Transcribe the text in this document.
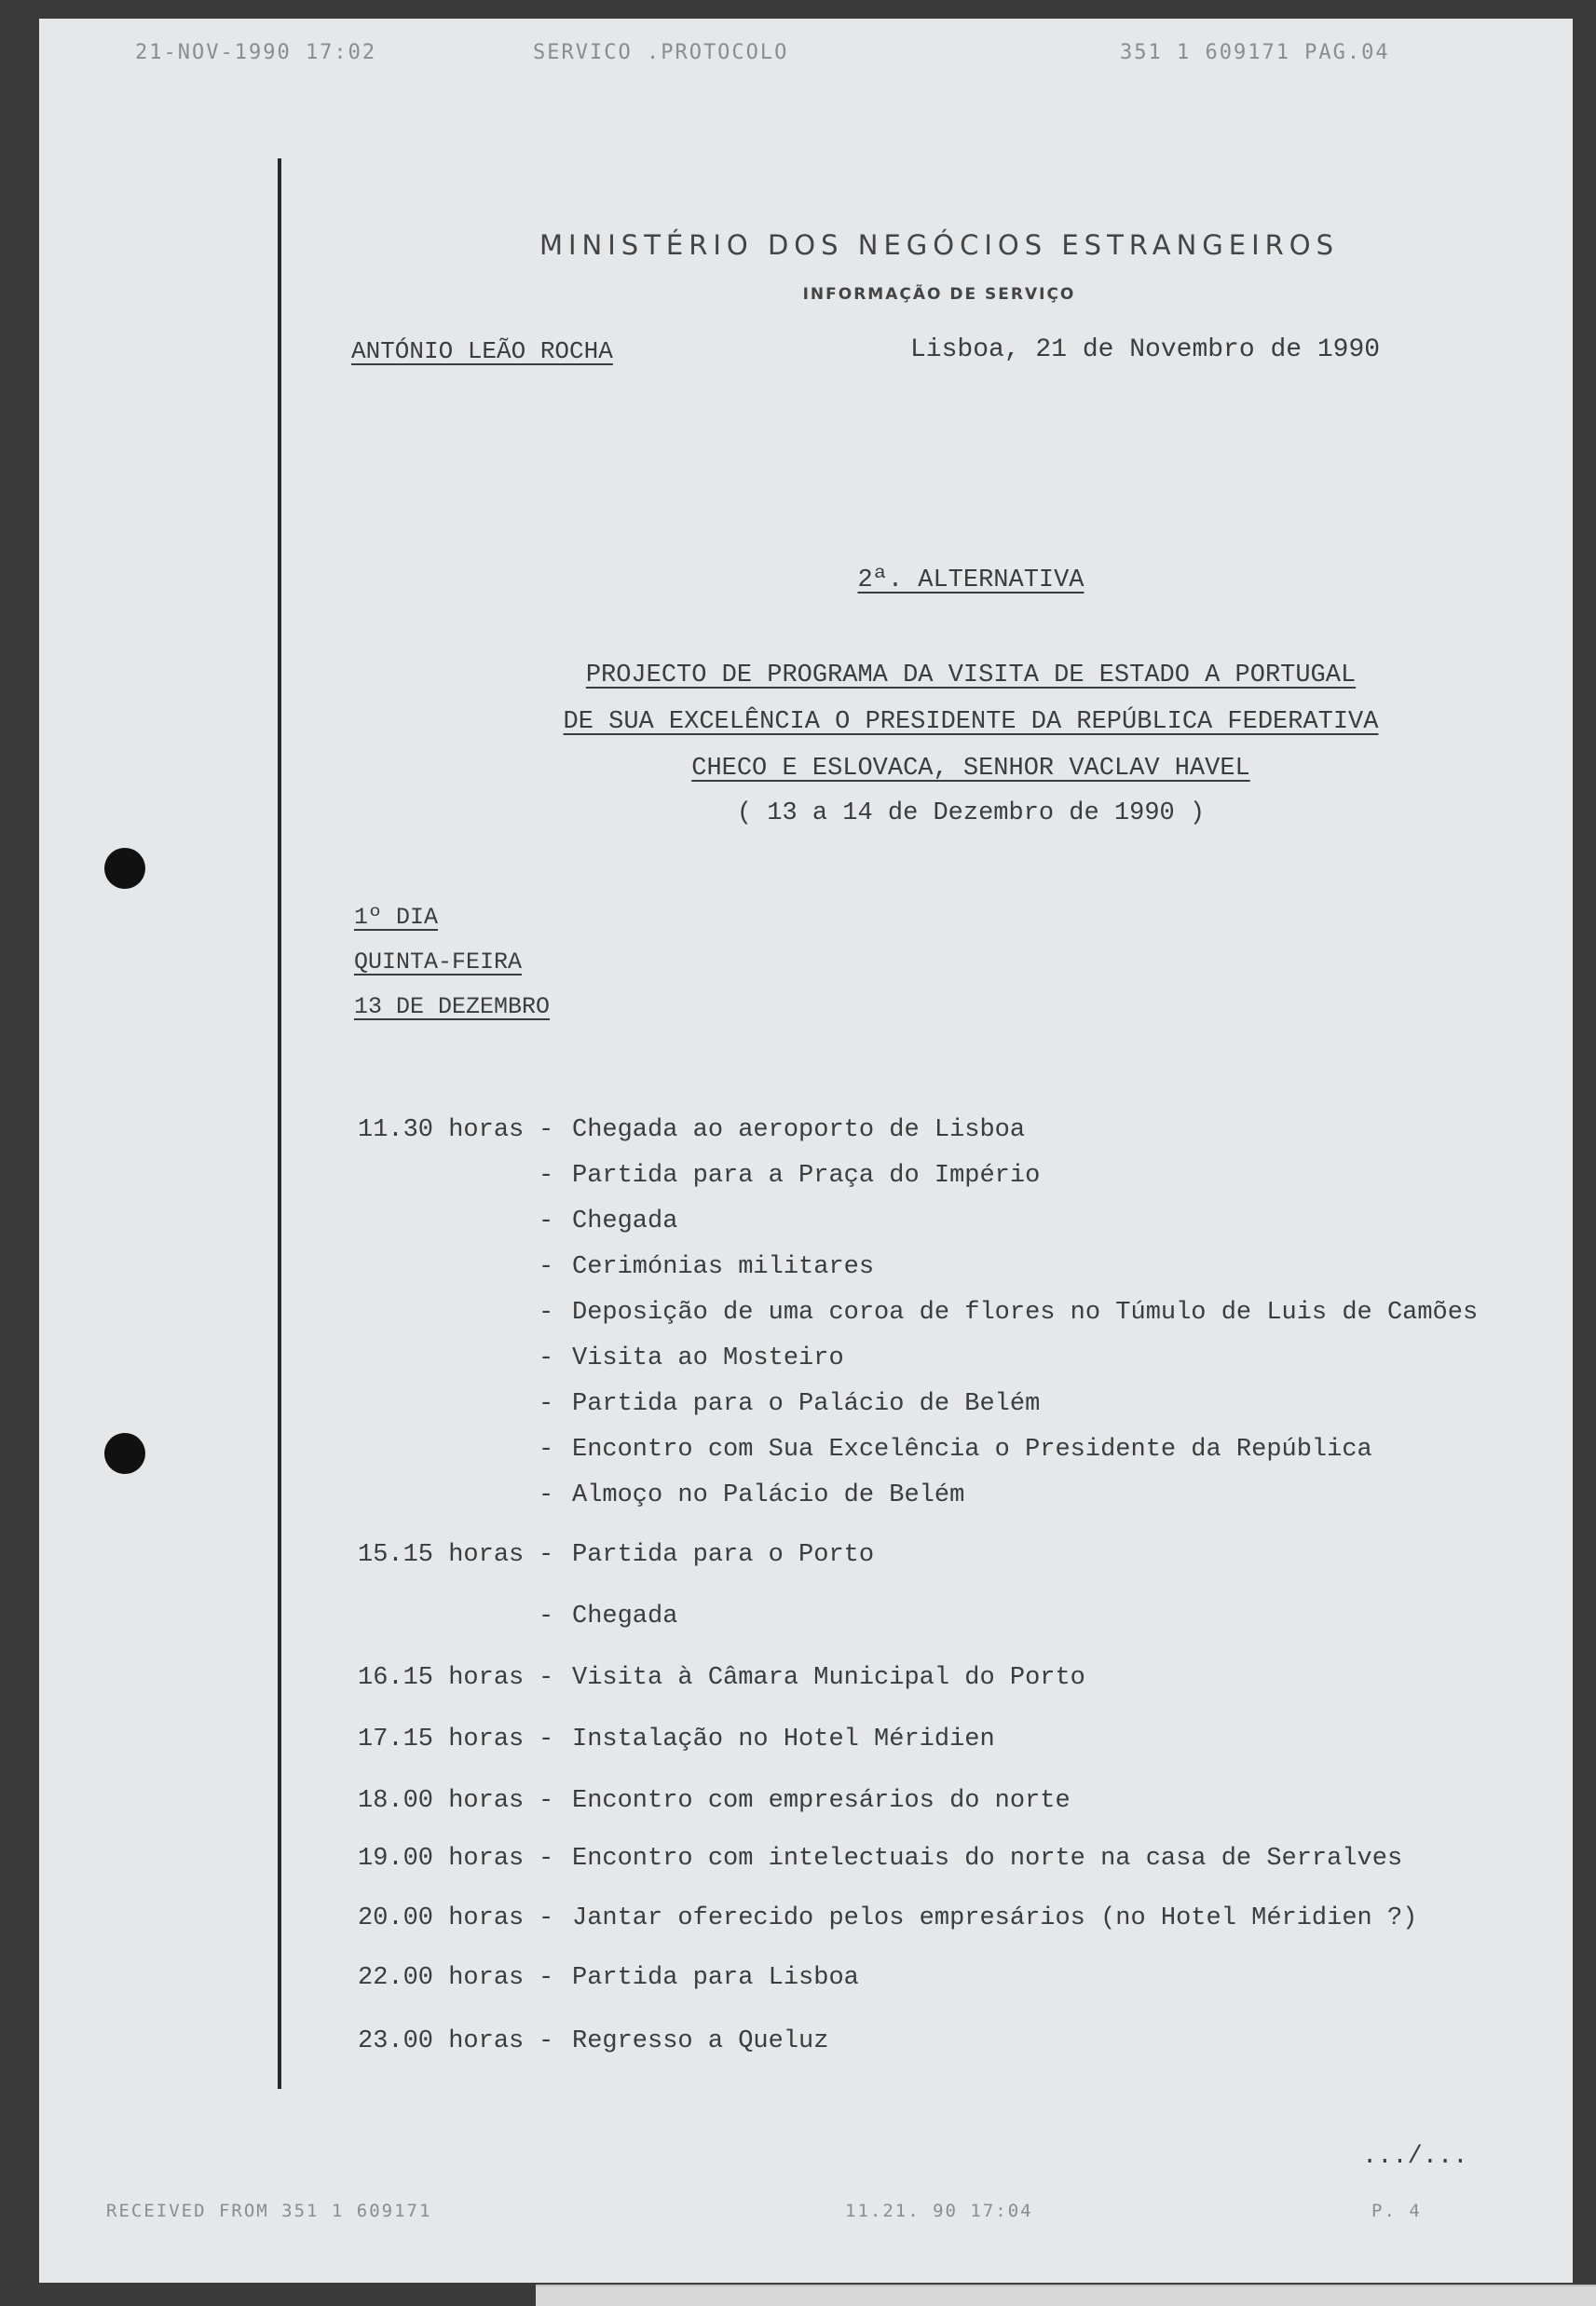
21-NOV-1990 17:02	SERVICO .PROTOCOLO	351 1 609171 PAG.04
MINISTÉRIO DOS NEGÓCIOS ESTRANGEIROS
INFORMAÇÃO DE SERVIÇO
ANTÓNIO LEÃO ROCHA	Lisboa, 21 de Novembro de 1990
2ª. ALTERNATIVA
PROJECTO DE PROGRAMA DA VISITA DE ESTADO A PORTUGAL
DE SUA EXCELÊNCIA O PRESIDENTE DA REPÚBLICA FEDERATIVA
CHECO E ESLOVACA, SENHOR VACLAV HAVEL
( 13 a 14 de Dezembro de 1990 )
1º DIA
QUINTA-FEIRA
13 DE DEZEMBRO
11.30 horas - Chegada ao aeroporto de Lisboa
- Partida para a Praça do Império
- Chegada
- Cerimónias militares
- Deposição de uma coroa de flores no Túmulo de Luis de Camões
- Visita ao Mosteiro
- Partida para o Palácio de Belém
- Encontro com Sua Excelência o Presidente da República
- Almoço no Palácio de Belém
15.15 horas - Partida para o Porto
- Chegada
16.15 horas - Visita à Câmara Municipal do Porto
17.15 horas - Instalação no Hotel Méridien
18.00 horas - Encontro com empresários do norte
19.00 horas - Encontro com intelectuais do norte na casa de Serralves
20.00 horas - Jantar oferecido pelos empresários (no Hotel Méridien ?)
22.00 horas - Partida para Lisboa
23.00 horas - Regresso a Queluz
.../...
RECEIVED FROM 351 1 609171	11.21. 90 17:04	P. 4
